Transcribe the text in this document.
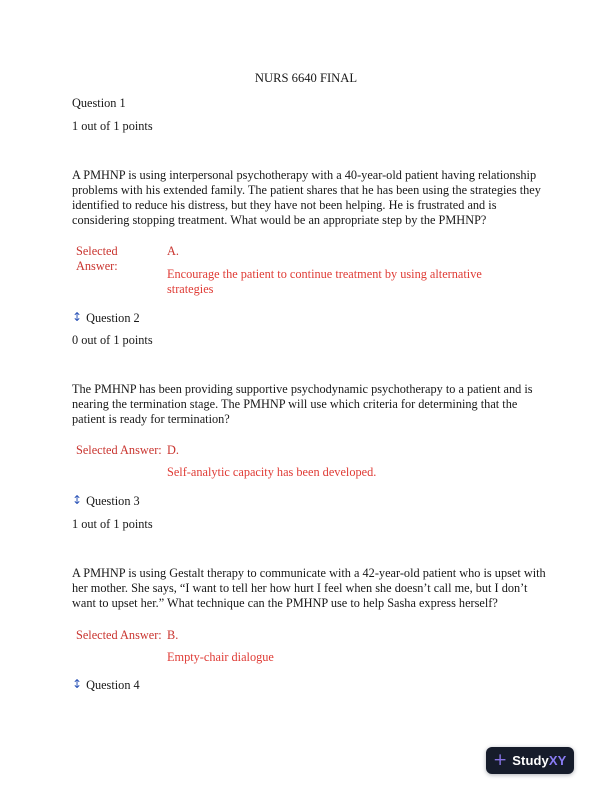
NURS 6640 FINAL

Question 1
1 out of 1 points
A PMHNP is using interpersonal psychotherapy with a 40-year-old patient having relationship problems with his extended family. The patient shares that he has been using the strategies they identified to reduce his distress, but they have not been helping. He is frustrated and is considering stopping treatment. What would be an appropriate step by the PMHNP?
Selected Answer:
A.
Encourage the patient to continue treatment by using alternative strategies
↕ Question 2
0 out of 1 points
The PMHNP has been providing supportive psychodynamic psychotherapy to a patient and is nearing the termination stage. The PMHNP will use which criteria for determining that the patient is ready for termination?
Selected Answer: D.
Self-analytic capacity has been developed.
↕ Question 3
1 out of 1 points
A PMHNP is using Gestalt therapy to communicate with a 42-year-old patient who is upset with her mother. She says, “I want to tell her how hurt I feel when she doesn’t call me, but I don’t want to upset her.” What technique can the PMHNP use to help Sasha express herself?
Selected Answer: B.
Empty-chair dialogue
↕ Question 4
+ StudyXY
